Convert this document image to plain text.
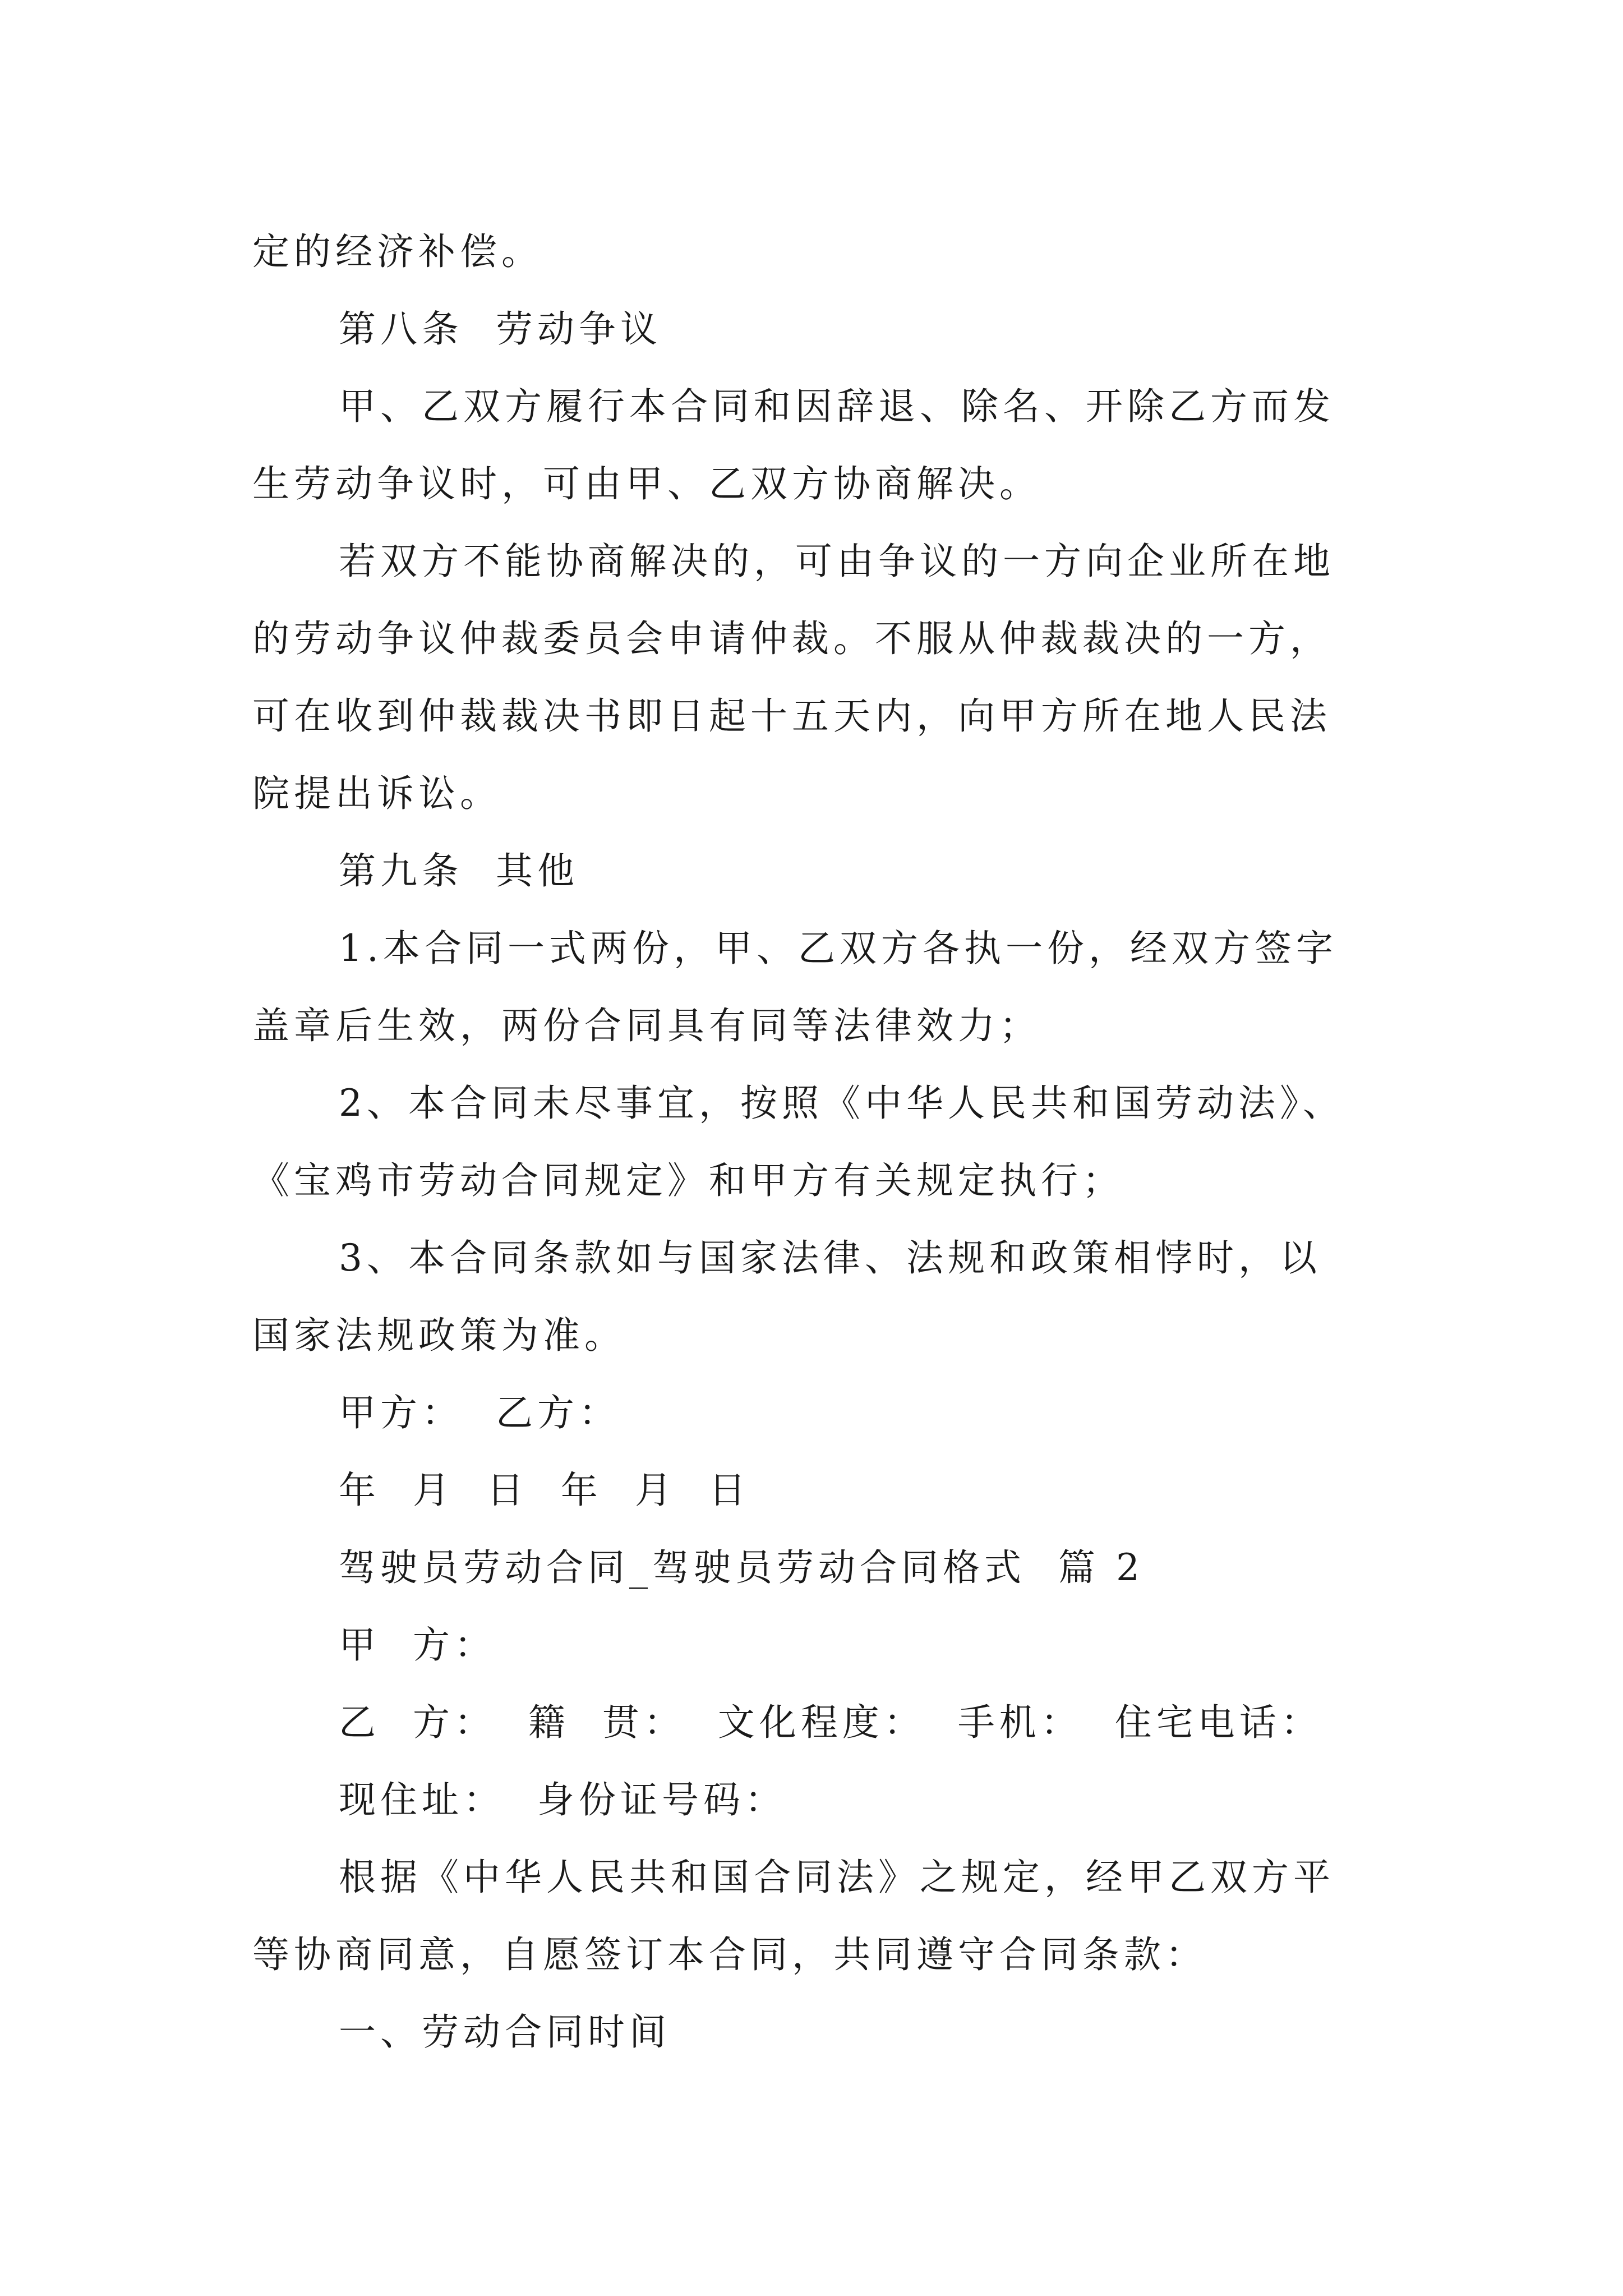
定的经济补偿。
第八条  劳动争议
甲、乙双方履行本合同和因辞退、除名、开除乙方而发
生劳动争议时，可由甲、乙双方协商解决。
若双方不能协商解决的，可由争议的一方向企业所在地
的劳动争议仲裁委员会申请仲裁。不服从仲裁裁决的一方，
可在收到仲裁裁决书即日起十五天内，向甲方所在地人民法
院提出诉讼。
第九条  其他
1.本合同一式两份，甲、乙双方各执一份，经双方签字
盖章后生效，两份合同具有同等法律效力；
2、本合同未尽事宜，按照《中华人民共和国劳动法》、
《宝鸡市劳动合同规定》和甲方有关规定执行；
3、本合同条款如与国家法律、法规和政策相悖时，以
国家法规政策为准。
甲方：  乙方：
年  月  日  年  月  日
驾驶员劳动合同_驾驶员劳动合同格式  篇 2
甲  方：
乙  方：  籍  贯：  文化程度：  手机：  住宅电话：
现住址：  身份证号码：
根据《中华人民共和国合同法》之规定，经甲乙双方平
等协商同意，自愿签订本合同，共同遵守合同条款：
一、劳动合同时间
